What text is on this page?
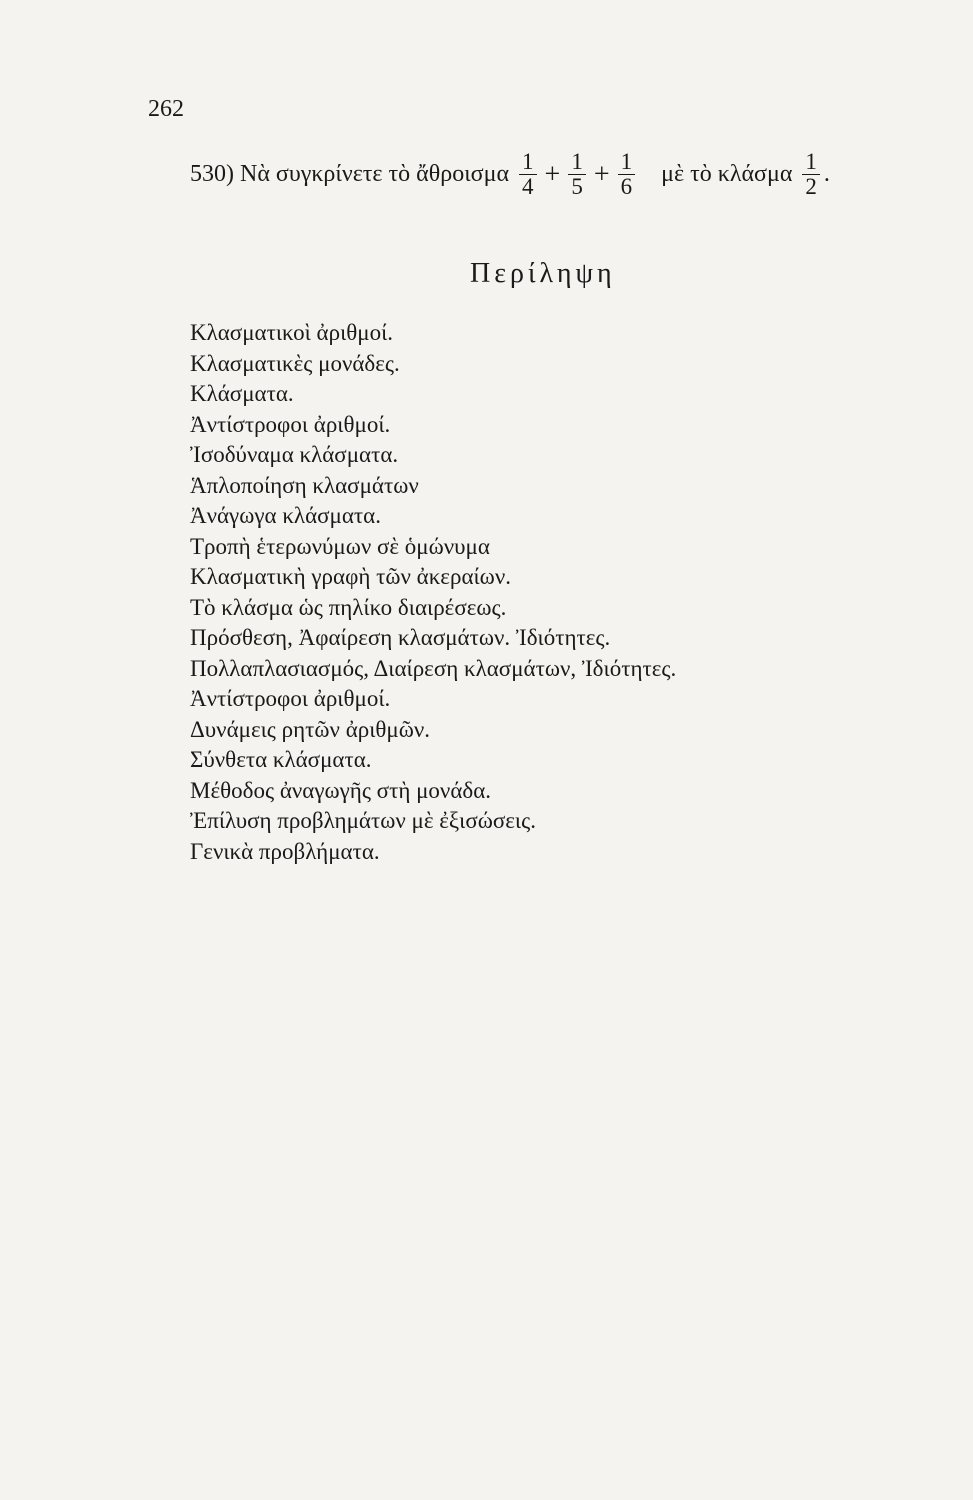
262
530) Νὰ συγκρίνετε τὸ ἄθροισμα $\frac{1}{4} + \frac{1}{5} + \frac{1}{6}$ μὲ τὸ κλάσμα $\frac{1}{2}$ .
Περίληψη
Κλασματικοὶ ἀριθμοί.
Κλασματικὲς μονάδες.
Κλάσματα.
Ἀντίστροφοι ἀριθμοί.
Ἰσοδύναμα κλάσματα.
Ἁπλοποίηση κλασμάτων
Ἀνάγωγα κλάσματα.
Τροπὴ ἑτερωνύμων σὲ ὁμώνυμα
Κλασματικὴ γραφὴ τῶν ἀκεραίων.
Τὸ κλάσμα ὡς πηλίκο διαιρέσεως.
Πρόσθεση, Ἀφαίρεση κλασμάτων. Ἰδιότητες.
Πολλαπλασιασμός, Διαίρεση κλασμάτων, Ἰδιότητες.
Ἀντίστροφοι ἀριθμοί.
Δυνάμεις ρητῶν ἀριθμῶν.
Σύνθετα κλάσματα.
Μέθοδος ἀναγωγῆς στὴ μονάδα.
Ἐπίλυση προβλημάτων μὲ ἐξισώσεις.
Γενικὰ προβλήματα.
